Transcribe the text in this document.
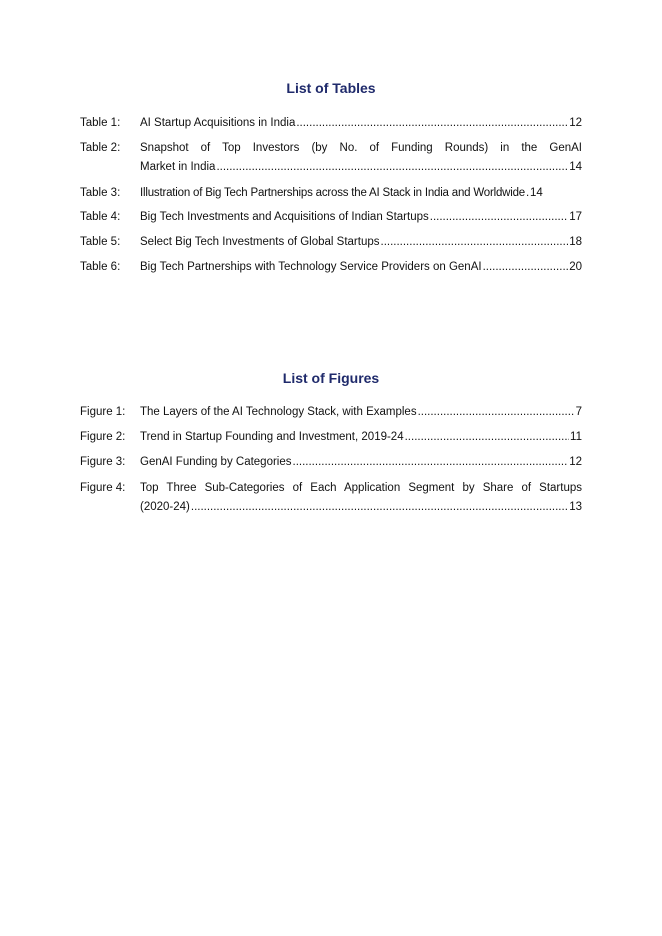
List of Tables
Table 1:	AI Startup Acquisitions in India .....	12
Table 2:	Snapshot of Top Investors (by No. of Funding Rounds) in the GenAI
Market in India .....	14
Table 3:	Illustration of Big Tech Partnerships across the AI Stack in India and Worldwide ..... 14
Table 4:	Big Tech Investments and Acquisitions of Indian Startups .....	17
Table 5:	Select Big Tech Investments of Global Startups .....	18
Table 6:	Big Tech Partnerships with Technology Service Providers on GenAI .....	20
List of Figures
Figure 1:	The Layers of the AI Technology Stack, with Examples .....	7
Figure 2:	Trend in Startup Founding and Investment, 2019-24 .....	11
Figure 3:	GenAI Funding by Categories .....	12
Figure 4:	Top Three Sub-Categories of Each Application Segment by Share of Startups
(2020-24) .....	13
